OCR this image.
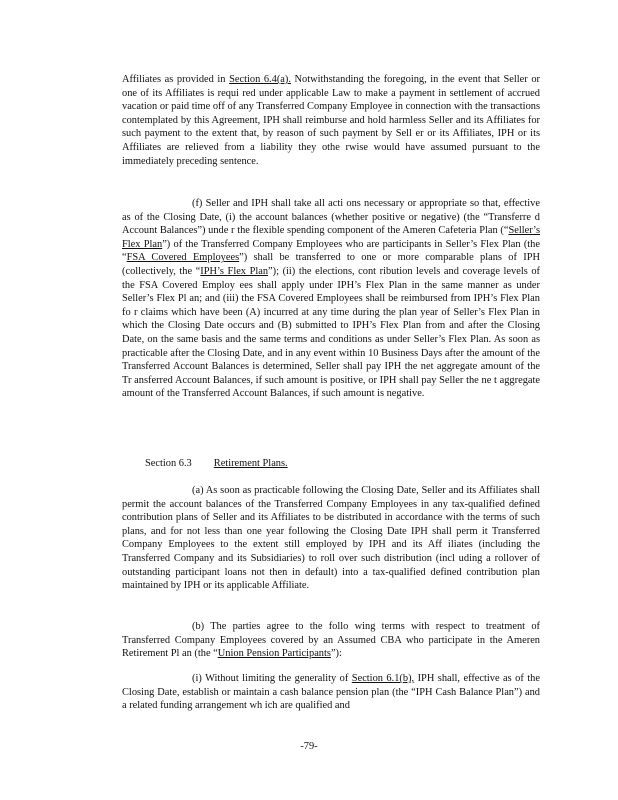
Affiliates as provided in Section 6.4(a). Notwithstanding the foregoing, in the event that Seller or one of its Affiliates is requi red under applicable Law to make a payment in settlement of accrued vacation or paid time off of any Transferred Company Employee in connection with the transactions contemplated by this Agreement, IPH shall reimburse and hold harmless Seller and its Affiliates for such payment to the extent that, by reason of such payment by Sell er or its Affiliates, IPH or its Affiliates are relieved from a liability they othe rwise would have assumed pursuant to the immediately preceding sentence.

(f) Seller and IPH shall take all acti ons necessary or appropriate so that, effective as of the Closing Date, (i) the account balances (whether positive or negative) (the “Transferre d Account Balances”) unde r the flexible spending component of the Ameren Cafeteria Plan (“Seller’s Flex Plan”) of the Transferred Company Employees who are participants in Seller’s Flex Plan (the “FSA Covered Employees”) shall be transferred to one or more comparable plans of IPH (collectively, the “IPH’s Flex Plan”); (ii) the elections, cont ribution levels and coverage levels of the FSA Covered Employ ees shall apply under IPH’s Flex Plan in the same manner as under Seller’s Flex Pl an; and (iii) the FSA Covered Employees shall be reimbursed from IPH’s Flex Plan fo r claims which have been (A) incurred at any time during the plan year of Seller’s Flex Plan in which the Closing Date occurs and (B) submitted to IPH’s Flex Plan from and after the Closing Date, on the same basis and the same terms and conditions as under Seller’s Flex Plan. As soon as practicable after the Closing Date, and in any event within 10 Business Days after the amount of the Transferred Account Balances is determined, Seller shall pay IPH the net aggregate amount of the Tr ansferred Account Balances, if such amount is positive, or IPH shall pay Seller the ne t aggregate amount of the Transferred Account Balances, if such amount is negative.

Section 6.3 Retirement Plans.

(a) As soon as practicable following the Closing Date, Seller and its Affiliates shall permit the account balances of the Transferred Company Employees in any tax-qualified defined contribution plans of Seller and its Affiliates to be distributed in accordance with the terms of such plans, and for not less than one year following the Closing Date IPH shall perm it Transferred Company Employees to the extent still employed by IPH and its Aff iliates (including the Transferred Company and its Subsidiaries) to roll over such distribution (incl uding a rollover of outstanding participant loans not then in default) into a tax-qualified defined contribution plan maintained by IPH or its applicable Affiliate.

(b) The parties agree to the follo wing terms with respect to treatment of Transferred Company Employees covered by an Assumed CBA who participate in the Ameren Retirement Pl an (the “Union Pension Participants”):

(i) Without limiting the generality of Section 6.1(b), IPH shall, effective as of the Closing Date, establish or maintain a cash balance pension plan (the “IPH Cash Balance Plan”) and a related funding arrangement wh ich are qualified and

-79-
